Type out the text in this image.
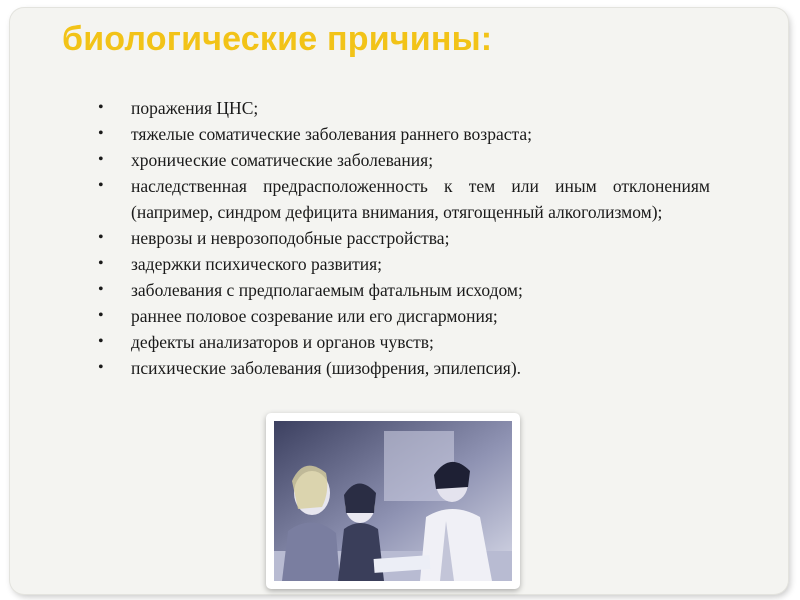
биологические причины:
• поражения ЦНС;
• тяжелые соматические заболевания раннего возраста;
• хронические соматические заболевания;
• наследственная предрасположенность к тем или иным отклонениям (например, синдром дефицита внимания, отягощенный алкоголизмом);
• неврозы и неврозоподобные расстройства;
• задержки психического развития;
• заболевания с предполагаемым фатальным исходом;
• раннее половое созревание или его дисгармония;
• дефекты анализаторов и органов чувств;
• психические заболевания (шизофрения, эпилепсия).
